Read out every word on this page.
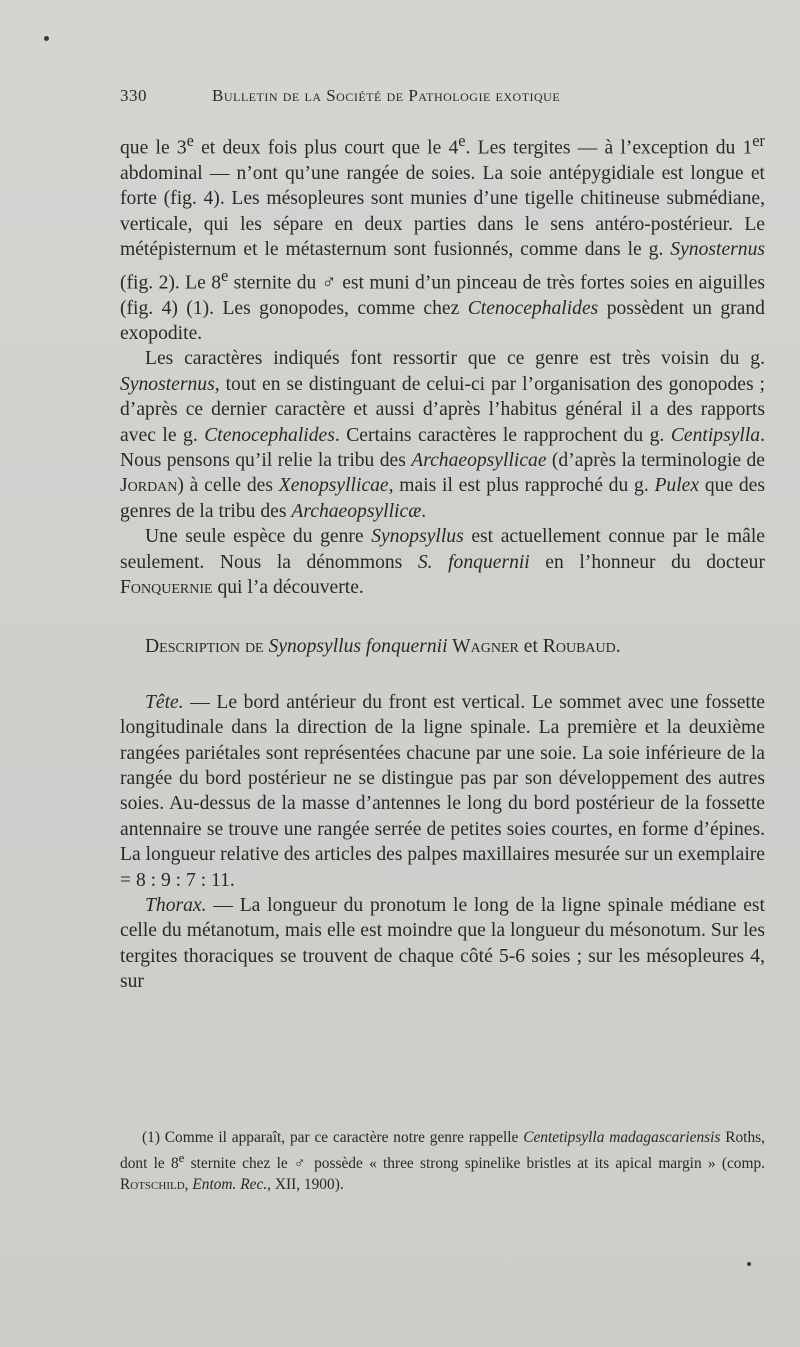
330	Bulletin de la Société de Pathologie exotique

que le 3e et deux fois plus court que le 4e. Les tergites — à l’exception du 1er abdominal — n’ont qu’une rangée de soies. La soie antépygidiale est longue et forte (fig. 4). Les mésopleures sont munies d’une tigelle chitineuse submédiane, verticale, qui les sépare en deux parties dans le sens antéro-postérieur. Le métépisternum et le métasternum sont fusionnés, comme dans le g. Synosternus (fig. 2). Le 8e sternite du ♂ est muni d’un pinceau de très fortes soies en aiguilles (fig. 4) (1). Les gonopodes, comme chez Ctenocephalides possèdent un grand exopodite.

Les caractères indiqués font ressortir que ce genre est très voisin du g. Synosternus, tout en se distinguant de celui-ci par l’organisation des gonopodes ; d’après ce dernier caractère et aussi d’après l’habitus général il a des rapports avec le g. Ctenocephalides. Certains caractères le rapprochent du g. Centipsylla. Nous pensons qu’il relie la tribu des Archaeopsyllicae (d’après la terminologie de Jordan) à celle des Xenopsyllicae, mais il est plus rapproché du g. Pulex que des genres de la tribu des Archaeopsyllicæ.

Une seule espèce du genre Synopsyllus est actuellement connue par le mâle seulement. Nous la dénommons S. fonquernii en l’honneur du docteur Fonquernie qui l’a découverte.

Description de Synopsyllus fonquernii Wagner et Roubaud.

Tête. — Le bord antérieur du front est vertical. Le sommet avec une fossette longitudinale dans la direction de la ligne spinale. La première et la deuxième rangées pariétales sont représentées chacune par une soie. La soie inférieure de la rangée du bord postérieur ne se distingue pas par son développement des autres soies. Au-dessus de la masse d’antennes le long du bord postérieur de la fossette antennaire se trouve une rangée serrée de petites soies courtes, en forme d’épines. La longueur relative des articles des palpes maxillaires mesurée sur un exemplaire = 8 : 9 : 7 : 11.

Thorax. — La longueur du pronotum le long de la ligne spinale médiane est celle du métanotum, mais elle est moindre que la longueur du mésonotum. Sur les tergites thoraciques se trouvent de chaque côté 5-6 soies ; sur les mésopleures 4, sur

(1) Comme il apparaît, par ce caractère notre genre rappelle Centetipsylla madagascariensis Roths, dont le 8e sternite chez le ♂ possède « three strong spinelike bristles at its apical margin » (comp. Rotschild, Entom. Rec., XII, 1900).
